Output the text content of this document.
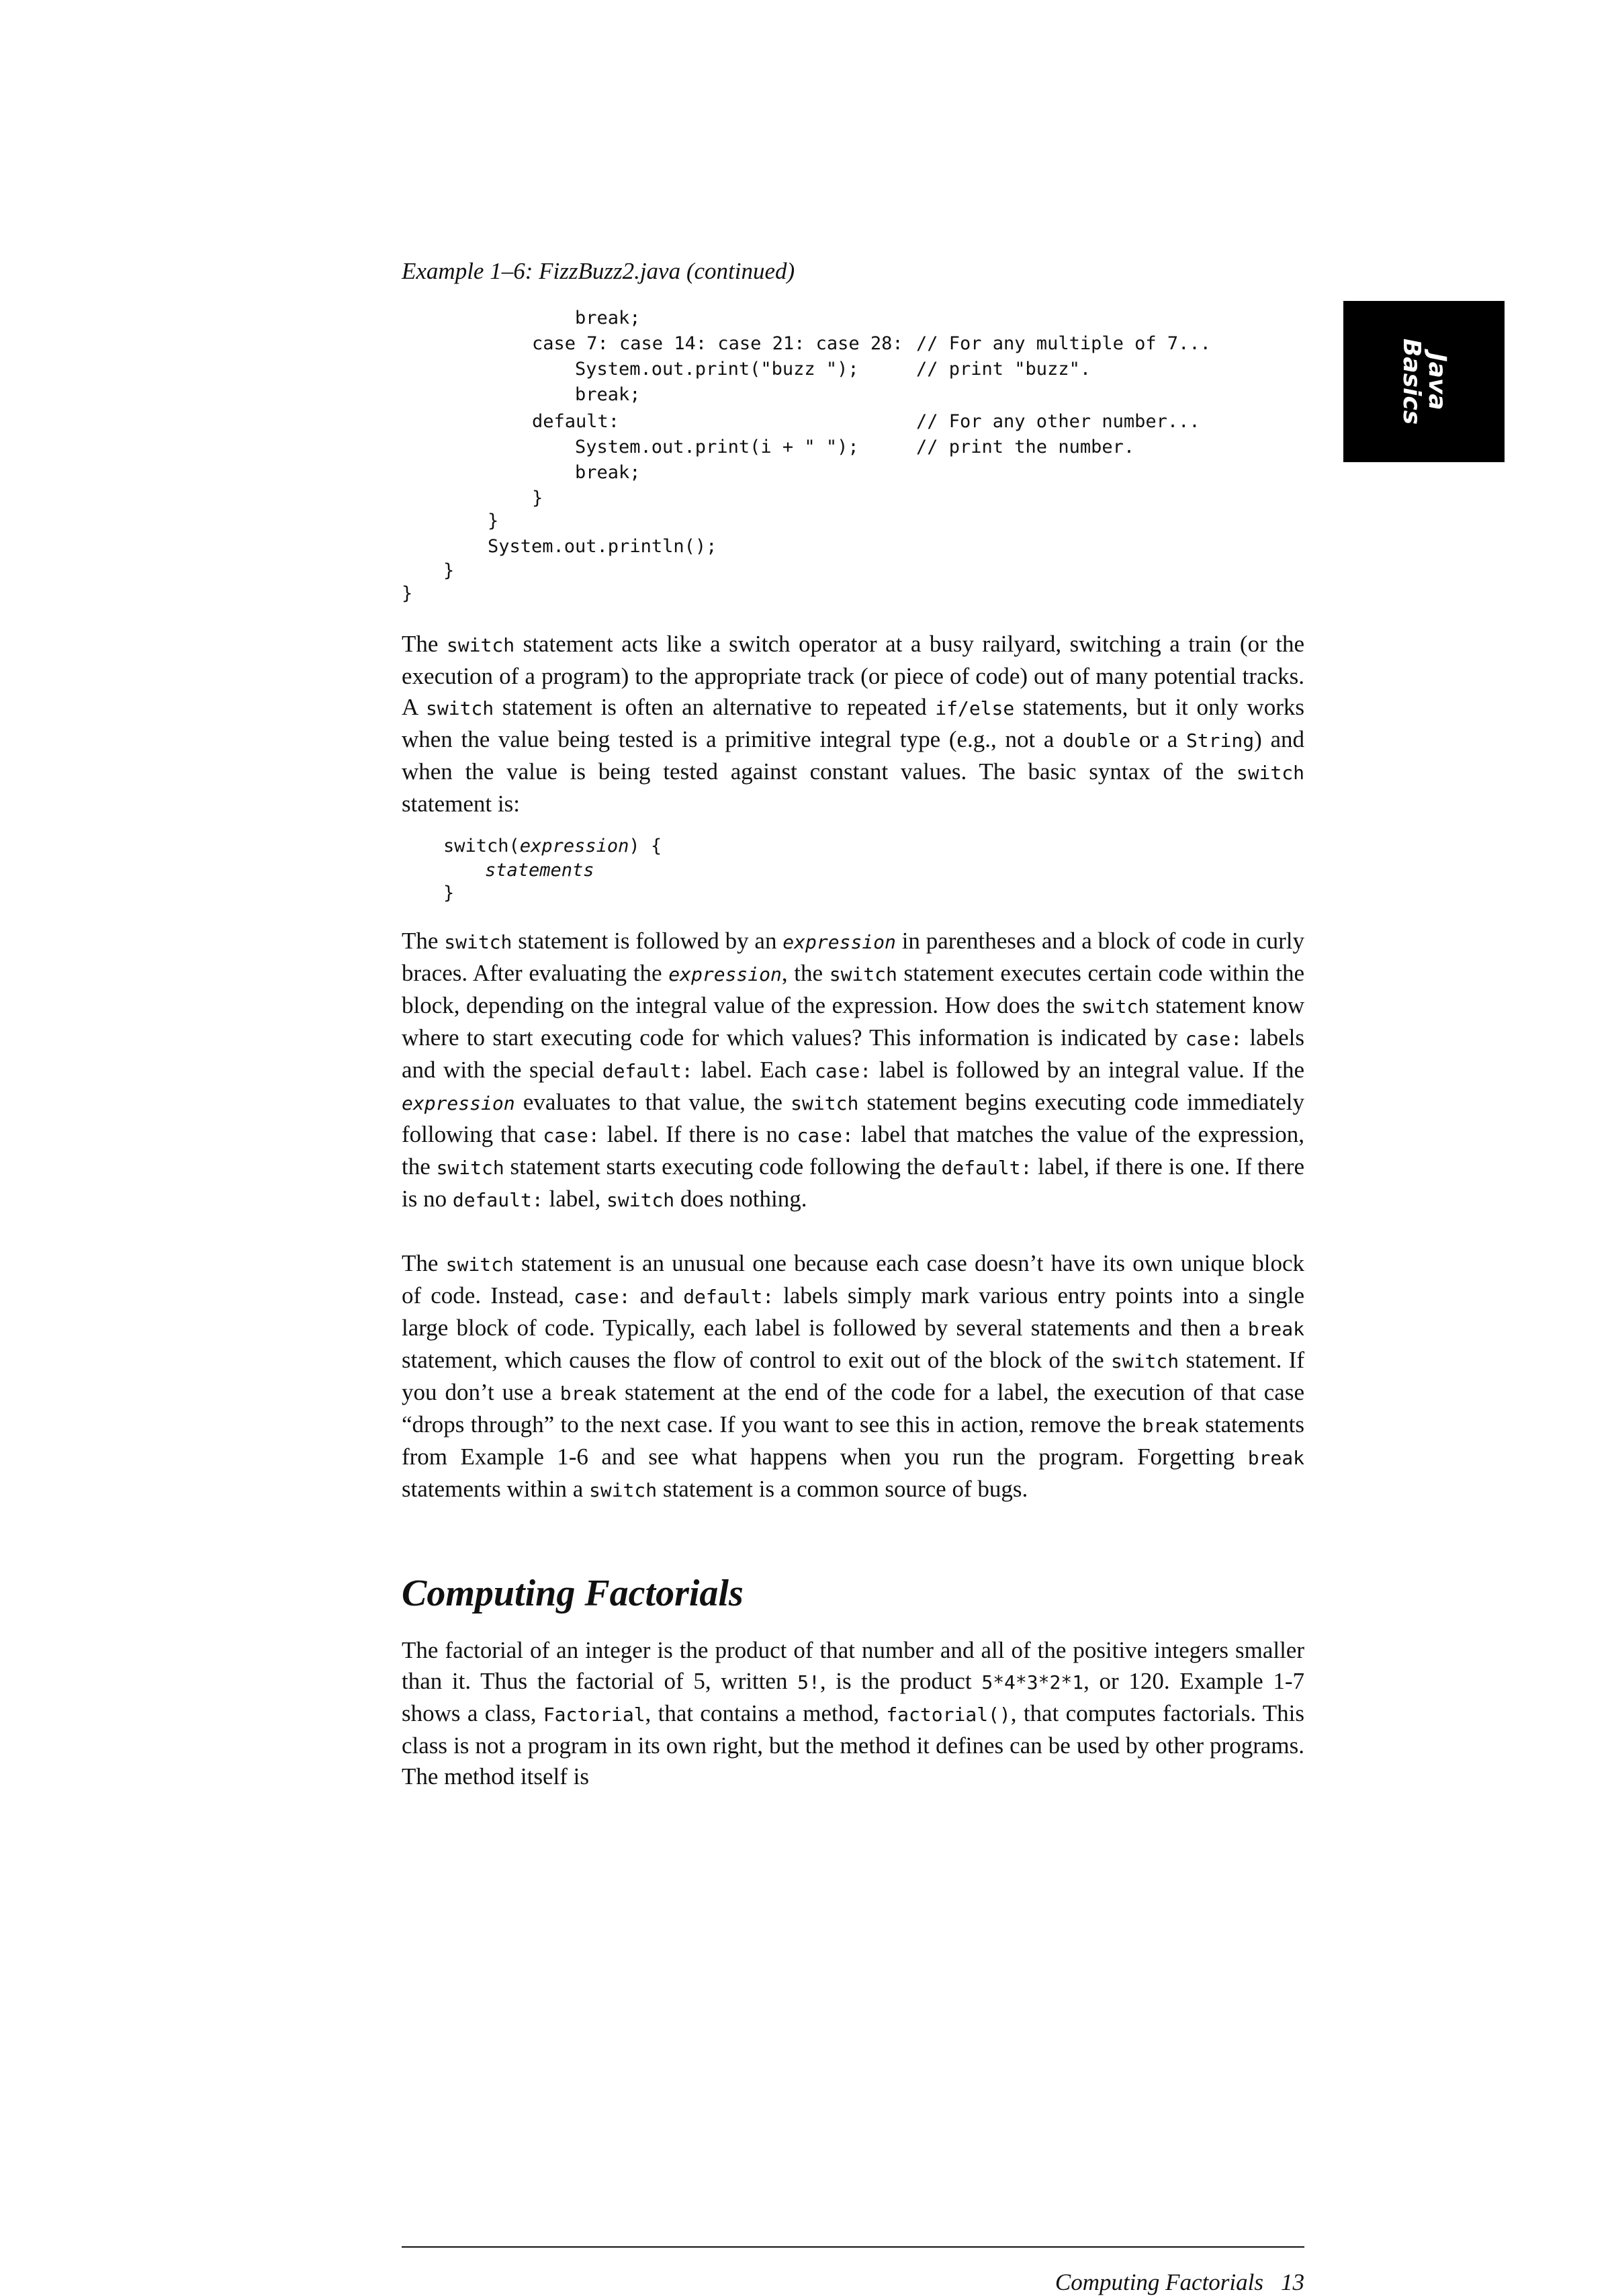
Example 1–6: FizzBuzz2.java (continued)
break;
case 7: case 14: case 21: case 28: // For any multiple of 7...
System.out.print("buzz ");	// print "buzz".
break;
default:	// For any other number...
System.out.print(i + " ");	// print the number.
break;
}
}
System.out.println();
}
}
Java
Basics

The switch statement acts like a switch operator at a busy railyard, switching a train (or the execution of a program) to the appropriate track (or piece of code) out of many potential tracks. A switch statement is often an alternative to repeated if/else statements, but it only works when the value being tested is a primitive integral type (e.g., not a double or a String) and when the value is being tested against constant values. The basic syntax of the switch statement is:

switch(expression) {
statements
}

The switch statement is followed by an expression in parentheses and a block of code in curly braces. After evaluating the expression, the switch statement executes certain code within the block, depending on the integral value of the expression. How does the switch statement know where to start executing code for which values? This information is indicated by case: labels and with the special default: label. Each case: label is followed by an integral value. If the expression evaluates to that value, the switch statement begins executing code immediately following that case: label. If there is no case: label that matches the value of the expression, the switch statement starts executing code following the default: label, if there is one. If there is no default: label, switch does nothing.

The switch statement is an unusual one because each case doesn’t have its own unique block of code. Instead, case: and default: labels simply mark various entry points into a single large block of code. Typically, each label is followed by several statements and then a break statement, which causes the flow of control to exit out of the block of the switch statement. If you don’t use a break statement at the end of the code for a label, the execution of that case “drops through” to the next case. If you want to see this in action, remove the break statements from Example 1-6 and see what happens when you run the program. Forgetting break statements within a switch statement is a common source of bugs.

Computing Factorials

The factorial of an integer is the product of that number and all of the positive integers smaller than it. Thus the factorial of 5, written 5!, is the product 5*4*3*2*1, or 120. Example 1-7 shows a class, Factorial, that contains a method, factorial(), that computes factorials. This class is not a program in its own right, but the method it defines can be used by other programs. The method itself is

Computing Factorials 13
